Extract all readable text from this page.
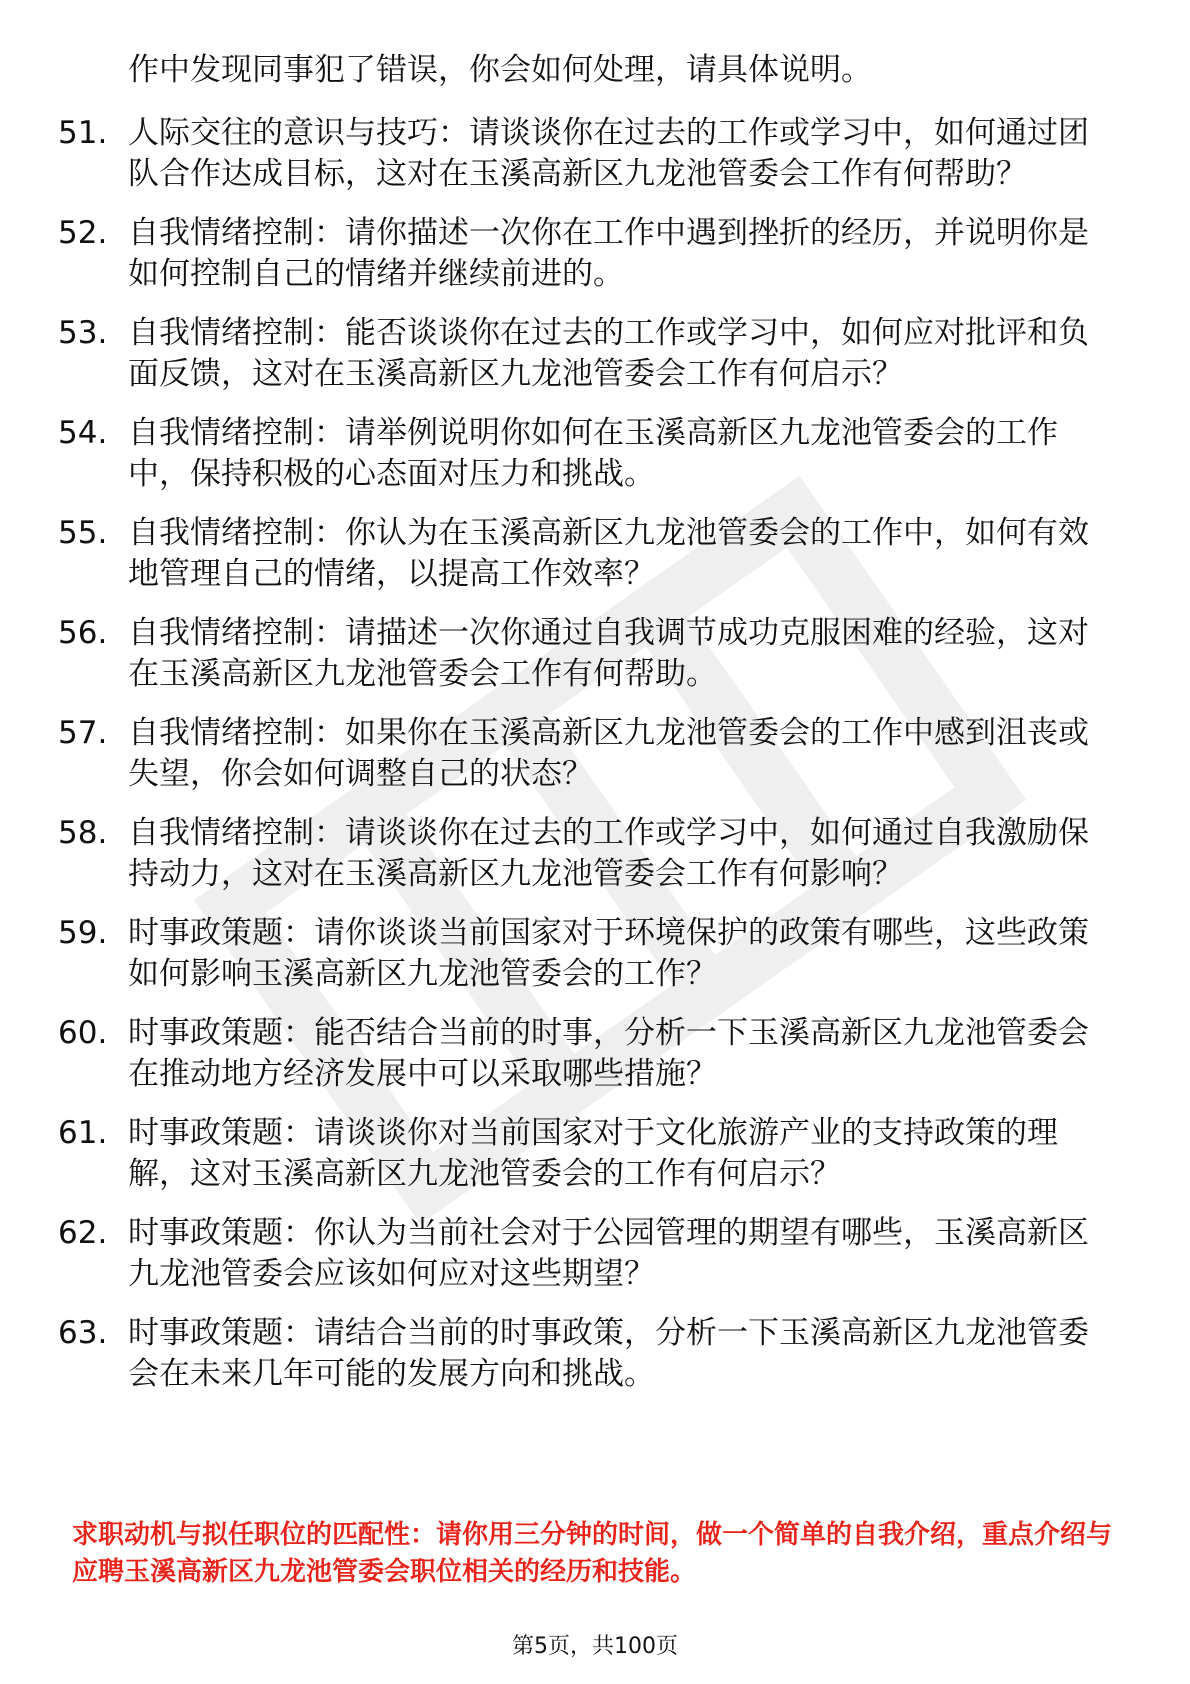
作中发现同事犯了错误，你会如何处理，请具体说明。
51. 人际交往的意识与技巧：请谈谈你在过去的工作或学习中，如何通过团队合作达成目标，这对在玉溪高新区九龙池管委会工作有何帮助？
52. 自我情绪控制：请你描述一次你在工作中遇到挫折的经历，并说明你是如何控制自己的情绪并继续前进的。
53. 自我情绪控制：能否谈谈你在过去的工作或学习中，如何应对批评和负面反馈，这对在玉溪高新区九龙池管委会工作有何启示？
54. 自我情绪控制：请举例说明你如何在玉溪高新区九龙池管委会的工作中，保持积极的心态面对压力和挑战。
55. 自我情绪控制：你认为在玉溪高新区九龙池管委会的工作中，如何有效地管理自己的情绪，以提高工作效率？
56. 自我情绪控制：请描述一次你通过自我调节成功克服困难的经验，这对在玉溪高新区九龙池管委会工作有何帮助。
57. 自我情绪控制：如果你在玉溪高新区九龙池管委会的工作中感到沮丧或失望，你会如何调整自己的状态？
58. 自我情绪控制：请谈谈你在过去的工作或学习中，如何通过自我激励保持动力，这对在玉溪高新区九龙池管委会工作有何影响？
59. 时事政策题：请你谈谈当前国家对于环境保护的政策有哪些，这些政策如何影响玉溪高新区九龙池管委会的工作？
60. 时事政策题：能否结合当前的时事，分析一下玉溪高新区九龙池管委会在推动地方经济发展中可以采取哪些措施？
61. 时事政策题：请谈谈你对当前国家对于文化旅游产业的支持政策的理解，这对玉溪高新区九龙池管委会的工作有何启示？
62. 时事政策题：你认为当前社会对于公园管理的期望有哪些，玉溪高新区九龙池管委会应该如何应对这些期望？
63. 时事政策题：请结合当前的时事政策，分析一下玉溪高新区九龙池管委会在未来几年可能的发展方向和挑战。
求职动机与拟任职位的匹配性：请你用三分钟的时间，做一个简单的自我介绍，重点介绍与应聘玉溪高新区九龙池管委会职位相关的经历和技能。
第5页，共100页
